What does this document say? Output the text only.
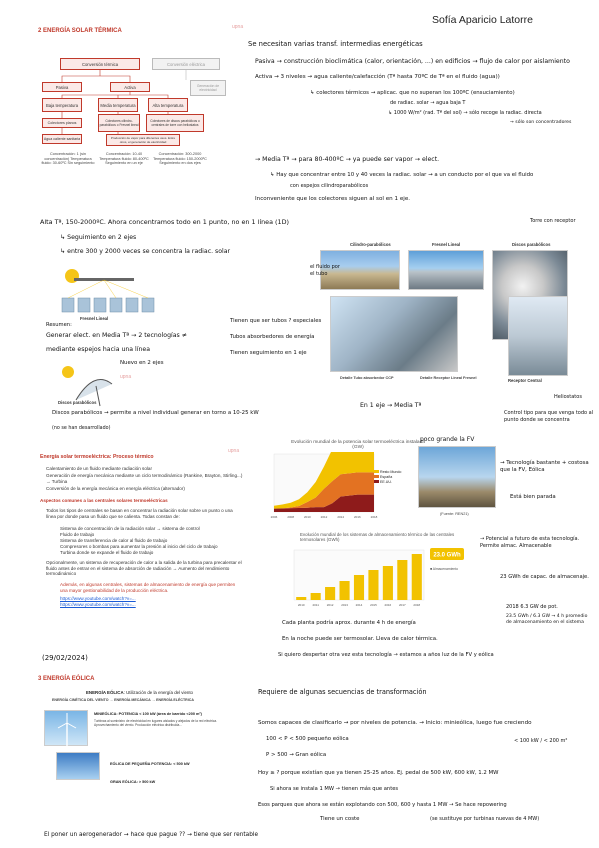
Sofía Aparicio Latorre
2 ENERGÍA SOLAR TÉRMICA
upna
Conversión térmica	Conversión eléctrica
Pasiva	Activa	Generación de electricidad
Baja temperatura	Media temperatura	Alta temperatura
Colectores planos	Colectores cilindro-parabólicos o Fresnel lineal
Colectores de discos parabólicos o centrales de torre con heliostatos
Agua caliente sanitaria	Producción de vapor para diferentes usos. Entre otros, el generación de electricidad
Concentración: 1 (sin concentración) Temperatura fluido: 30-60ºC Sin seguimiento
Concentración: 10-40 Temperatura fluido: 80-400ºC Seguimiento en un eje
Concentración: 300-2000 Temperatura fluido: 150-2000ºC Seguimiento en dos ejes
Se necesitan varias transf. intermedias energéticas
Pasiva → construcción bioclimática (calor, orientación, ...) en edificios → flujo de calor por aislamiento
Activa → 3 niveles → agua caliente/calefacción (Tª hasta 70ºC de Tª en el fluido (agua))
↳ colectores térmicos → aplicac. que no superan los 100ºC (ensuciamiento)
de radiac. solar → agua baja T
↳ 1000 W/m² (rad. Tª del sol) → sólo recoge la radiac. directa
→ sólo son concentradores
→ Media Tª → para 80-400ºC → ya puede ser vapor → elect.
↳ Hay que concentrar entre 10 y 40 veces la radiac. solar → a un conducto por el que va el fluido
con espejos cilindroparabólicos
Inconveniente que los colectores siguen al sol en 1 eje.
Alta Tª, 150-2000ºC. Ahora concentramos todo en 1 punto, no en 1 línea (1D)
↳ Seguimiento en 2 ejes
↳ entre 300 y 2000 veces se concentra la radiac. solar
Resumen:
Generar elect. en Media Tª → 2 tecnologías ≠
mediante espejos hacia una línea
Nuevo en 2 ejes
Discos parabólicos → permite a nivel individual generar en torno a 10-25 kW
(no se han desarrollado)
Fresnel Lineal
Discos parabólicos
upna
Cilindro-parabólicos	Fresnel Lineal	Discos parabólicos
Receptor Central
Detalle Tubo absorbedor CCP	Detalle Receptor Lineal Fresnel
Tienen que ser tubos ? especiales
Tubos absorbedores de energía
Tienen seguimiento en 1 eje
En 1 eje → Media Tª
Control tipo para que venga todo al punto donde se concentra
Heliostatos
Torre con receptor
el fluido por el tubo
Energía solar termoeléctrica: Proceso térmico
upna
Calentamiento de un fluido mediante radiación solar
Generación de energía mecánica mediante un ciclo termodinámico (Rankine, Brayton, Stirling...) → Turbina
Conversión de la energía mecánica en energía eléctrica (alternador)
Aspectos comunes a las centrales solares termoeléctricas
Todos los tipos de centrales se basan en concentrar la radiación solar sobre un punto o una línea por donde pasa un fluido que se calienta. Todas constan de:
Sistema de concentración de la radiación solar → sistema de control
Fluido de trabajo
Sistema de transferencia de calor al fluido de trabajo
Compresores o bombas para aumentar la presión al inicio del ciclo de trabajo
Turbina donde se expande el fluido de trabajo
Opcionalmente, un sistema de recuperación de calor a la salida de la turbina para precalentar el fluido antes de entrar en el sistema de absorción de radiación → Aumento del rendimiento termodinámico
Además, en algunas centrales, sistemas de almacenamiento de energía que permiten una mayor gestionabilidad de la producción eléctrica.
https://www.youtube.com/watch?v=...
https://www.youtube.com/watch?v=...
Evolución mundial de la potencia solar termoeléctrica instalada (GW)
2006	2008	2010	2012	2014	2016	2018
Resto Mundo
España
EE.UU.
(Fuente: REN21)
Evolución mundial de los sistemas de almacenamiento térmico de las centrales termosolares (GWh)
2010	2011	2012	2013	2014	2015	2016	2017	2018
23.0 GWh
■ Almacenamiento
poco grande la FV
→ Tecnología bastante + costosa que la FV, Eólica
Está bien parada
→ Potencial a futuro de esta tecnología. Permite almac. Almacenable
23 GWh de capac. de almacenaje.
2018 6.3 GW de pot.
23.5 GWh / 6.3 GW → 4 h promedio de almacenamiento en el sistema
Cada planta podría aprox. durante 4 h de energía
En la noche puede ser termosolar. Lleva de calor térmica.
Si quiero despertar otra vez esta tecnología → estamos a años luz de la FV y eólica
(29/02/2024)
3 ENERGÍA EÓLICA
ENERGÍA EÓLICA: Utilización de la energía del viento
ENERGÍA CINÉTICA DEL VIENTO → ENERGÍA MECÁNICA → ENERGÍA ELÉCTRICA
MINIEÓLICA: POTENCIA < 100 kW (área de barrido <200 m²)
Turbinas al suministro de electricidad en lugares aislados y alejados de la red eléctrica. Aprovechamiento del viento. Producción eléctrica distribuida...
EÓLICA DE PEQUEÑA POTENCIA: < 500 kW
GRAN EÓLICA: > 500 kW
Requiere de algunas secuencias de transformación
Somos capaces de clasificarlo → por niveles de potencia. → Inicio: minieólica, luego fue creciendo
100 < P < 500 pequeño eólica	< 100 kW / < 200 m²
P > 500 → Gran eólica
Hoy ≥ ? porque existían que ya tienen 25-25 años. Ej. pedal de 500 kW, 600 kW, 1.2 MW
Si ahora se instala 1 MW → tienen más que antes
Esos parques que ahora se están explotando con 500, 600 y hasta 1 MW → Se hace repowering
Tiene un coste	(se sustituye por turbinas nuevas de 4 MW)
El poner un aerogenerador → hace que pague ?? → tiene que ser rentable
